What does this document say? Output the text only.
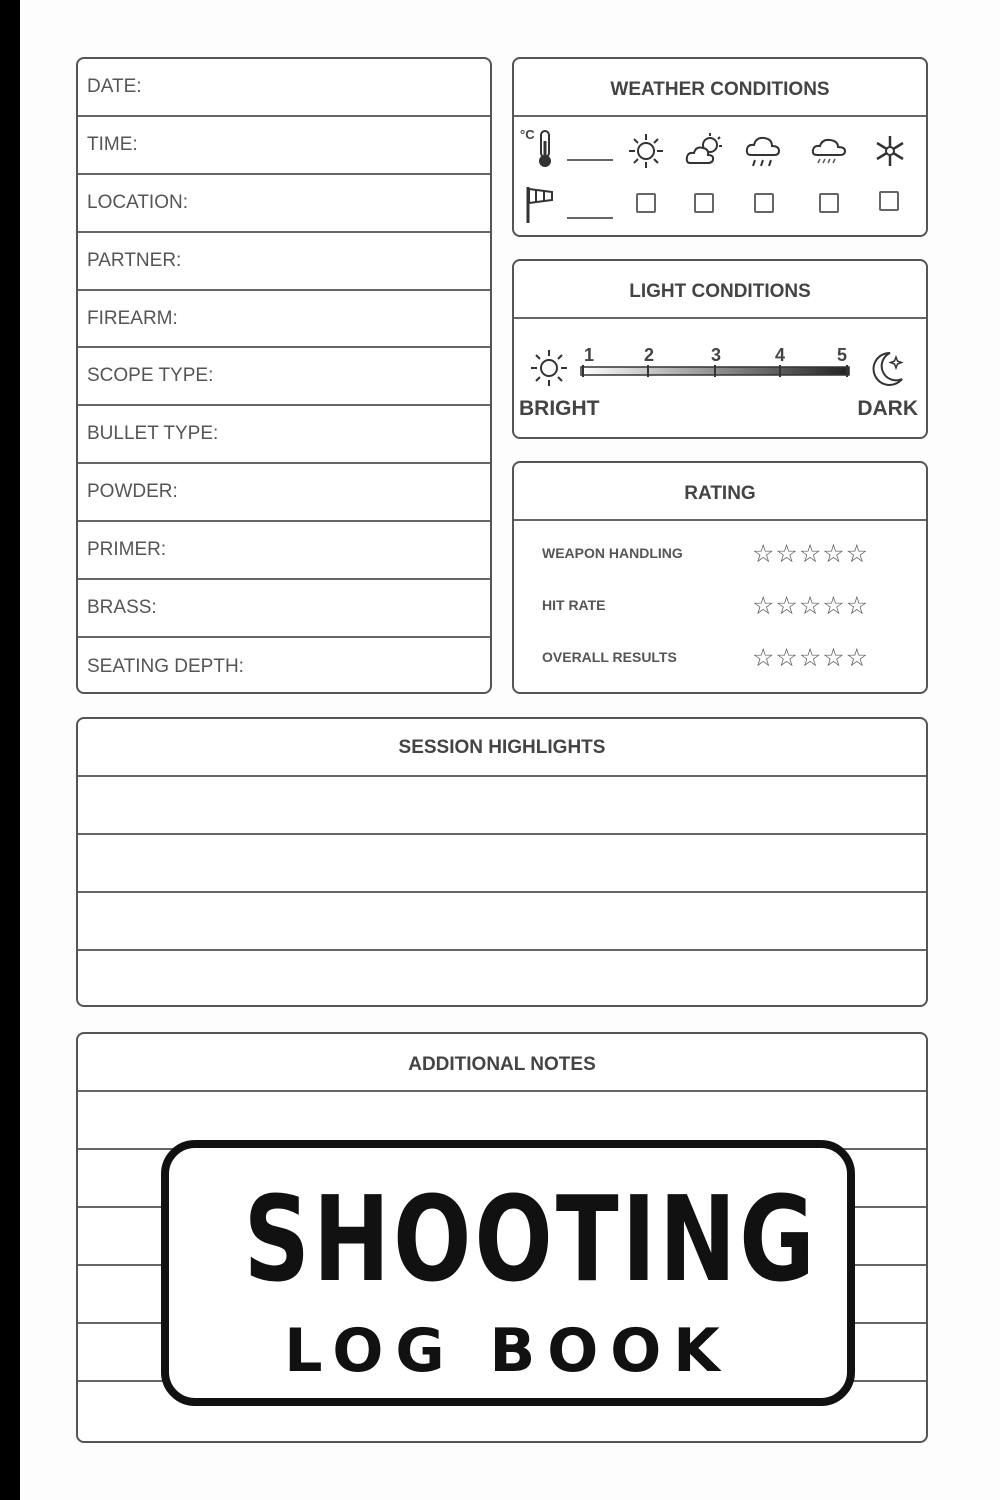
DATE:
TIME:
LOCATION:
PARTNER:
FIREARM:
SCOPE TYPE:
BULLET TYPE:
POWDER:
PRIMER:
BRASS:
SEATING DEPTH:
WEATHER CONDITIONS
°C
LIGHT CONDITIONS
1	2	3	4	5
BRIGHT	DARK
RATING
WEAPON HANDLING	☆☆☆☆☆
HIT RATE	☆☆☆☆☆
OVERALL RESULTS	☆☆☆☆☆
SESSION HIGHLIGHTS
ADDITIONAL NOTES
SHOOTING
LOG BOOK
